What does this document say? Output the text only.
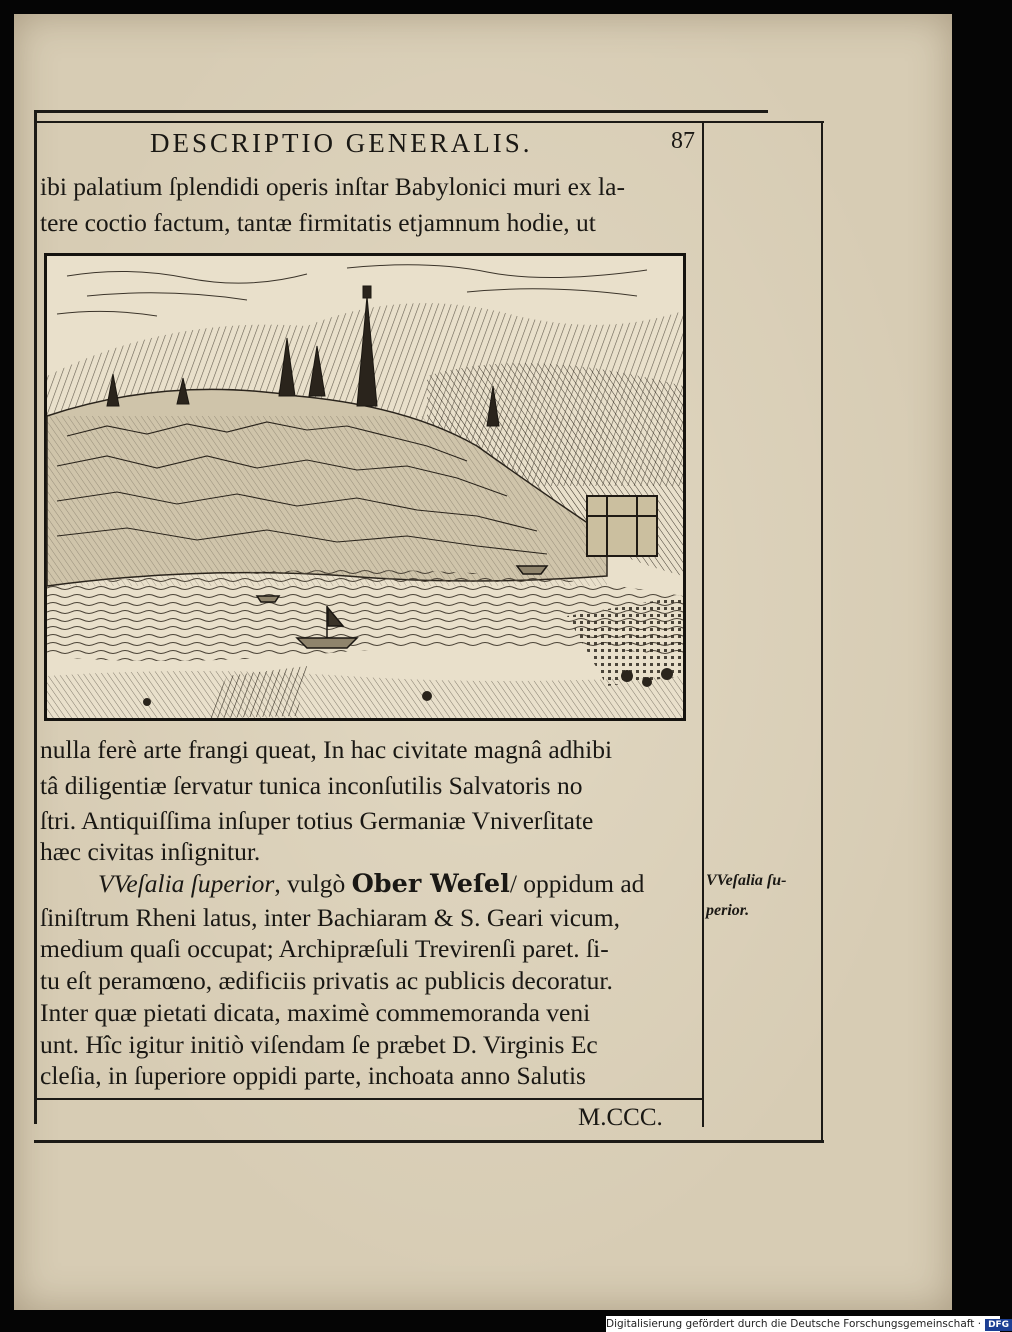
DESCRIPTIO GENERALIS.	87
ibi palatium ſplendidi operis inſtar Babylonici muri ex la-
tere coctio factum, tantæ firmitatis etjamnum hodie, ut
nulla ferè arte frangi queat, In hac civitate magnâ adhibi
tâ diligentiæ ſervatur tunica inconſutilis Salvatoris no
ſtri. Antiquiſſima inſuper totius Germaniæ Vniverſitate
hæc civitas inſignitur.
VVeſalia ſuperior, vulgò Ober Weſel/ oppidum ad
ſiniſtrum Rheni latus, inter Bachiaram & S. Geari vicum,
medium quaſi occupat; Archipræſuli Trevirenſi paret. ſi-
tu eſt peramœno, ædificiis privatis ac publicis decoratur.
Inter quæ pietati dicata, maximè commemoranda veni
unt. Hîc igitur initiò viſendam ſe præbet D. Virginis Ec
cleſia, in ſuperiore oppidi parte, inchoata anno Salutis
VVeſalia ſu-
perior.
M.CCC.
Digitalisierung gefördert durch die Deutsche Forschungsgemeinschaft · DFG
